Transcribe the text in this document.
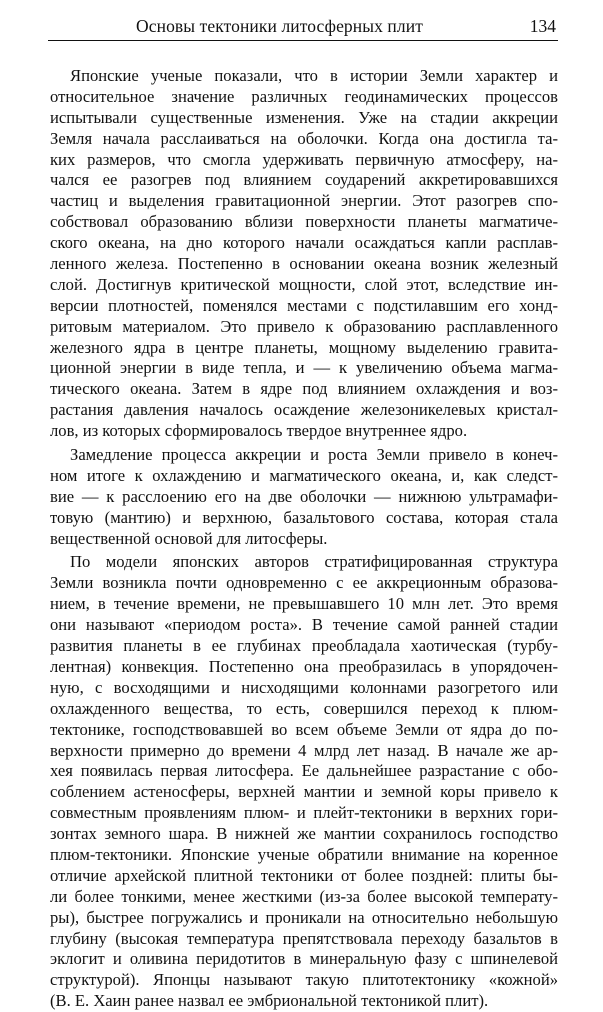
Основы тектоники литосферных плит	134
Японские ученые показали, что в истории Земли характер и
относительное значение различных геодинамических процессов
испытывали существенные изменения. Уже на стадии аккреции
Земля начала расслаиваться на оболочки. Когда она достигла та-
ких размеров, что смогла удерживать первичную атмосферу, на-
чался ее разогрев под влиянием соударений аккретировавшихся
частиц и выделения гравитационной энергии. Этот разогрев спо-
собствовал образованию вблизи поверхности планеты магматиче-
ского океана, на дно которого начали осаждаться капли расплав-
ленного железа. Постепенно в основании океана возник железный
слой. Достигнув критической мощности, слой этот, вследствие ин-
версии плотностей, поменялся местами с подстилавшим его хонд-
ритовым материалом. Это привело к образованию расплавленного
железного ядра в центре планеты, мощному выделению гравита-
ционной энергии в виде тепла, и — к увеличению объема магма-
тического океана. Затем в ядре под влиянием охлаждения и воз-
растания давления началось осаждение железоникелевых кристал-
лов, из которых сформировалось твердое внутреннее ядро.
Замедление процесса аккреции и роста Земли привело в конеч-
ном итоге к охлаждению и магматического океана, и, как следст-
вие — к расслоению его на две оболочки — нижнюю ультрамафи-
товую (мантию) и верхнюю, базальтового состава, которая стала
вещественной основой для литосферы.
По модели японских авторов стратифицированная структура
Земли возникла почти одновременно с ее аккреционным образова-
нием, в течение времени, не превышавшего 10 млн лет. Это время
они называют «периодом роста». В течение самой ранней стадии
развития планеты в ее глубинах преобладала хаотическая (турбу-
лентная) конвекция. Постепенно она преобразилась в упорядочен-
ную, с восходящими и нисходящими колоннами разогретого или
охлажденного вещества, то есть, совершился переход к плюм-
тектонике, господствовавшей во всем объеме Земли от ядра до по-
верхности примерно до времени 4 млрд лет назад. В начале же ар-
хея появилась первая литосфера. Ее дальнейшее разрастание с обо-
соблением астеносферы, верхней мантии и земной коры привело к
совместным проявлениям плюм- и плейт-тектоники в верхних гори-
зонтах земного шара. В нижней же мантии сохранилось господство
плюм-тектоники. Японские ученые обратили внимание на коренное
отличие архейской плитной тектоники от более поздней: плиты бы-
ли более тонкими, менее жесткими (из-за более высокой температу-
ры), быстрее погружались и проникали на относительно небольшую
глубину (высокая температура препятствовала переходу базальтов в
эклогит и оливина перидотитов в минеральную фазу с шпинелевой
структурой). Японцы называют такую плитотектонику «кожной»
(В. Е. Хаин ранее назвал ее эмбриональной тектоникой плит).
